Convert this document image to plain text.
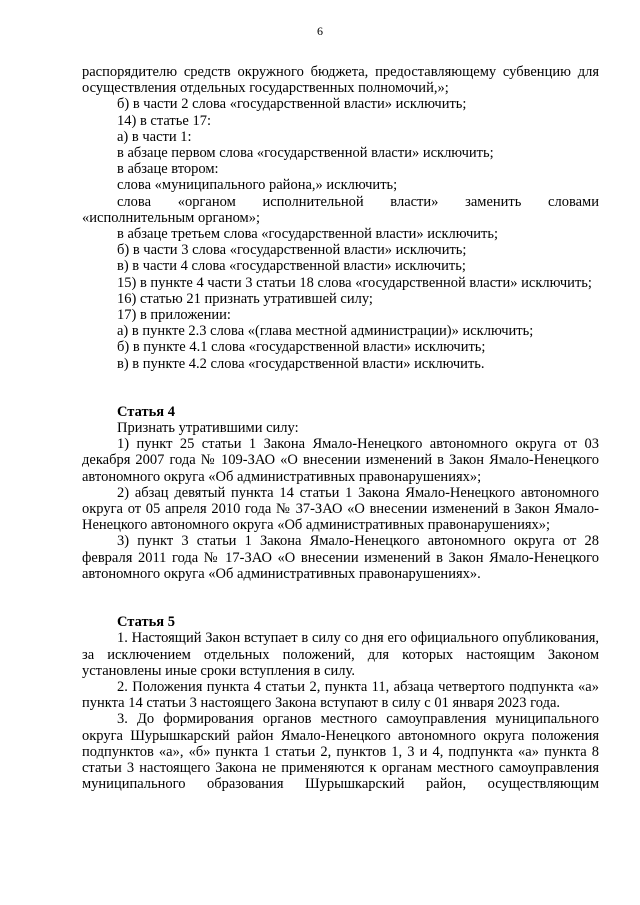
6

распорядителю средств окружного бюджета, предоставляющему субвенцию для осуществления отдельных государственных полномочий,»;

б) в части 2 слова «государственной власти» исключить;

14) в статье 17:

а) в части 1:

в абзаце первом слова «государственной власти» исключить;

в абзаце втором:

слова «муниципального района,» исключить;

слова «органом исполнительной власти» заменить словами «исполнительным органом»;

в абзаце третьем слова «государственной власти» исключить;

б) в части 3 слова «государственной власти» исключить;

в) в части 4 слова «государственной власти» исключить;

15) в пункте 4 части 3 статьи 18 слова «государственной власти» исключить;

16) статью 21 признать утратившей силу;

17) в приложении:

а) в пункте 2.3 слова «(глава местной администрации)» исключить;

б) в пункте 4.1 слова «государственной власти» исключить;

в) в пункте 4.2 слова «государственной власти» исключить.

Статья 4

Признать утратившими силу:

1) пункт 25 статьи 1 Закона Ямало-Ненецкого автономного округа от 03 декабря 2007 года № 109-ЗАО «О внесении изменений в Закон Ямало-Ненецкого автономного округа «Об административных правонарушениях»;

2) абзац девятый пункта 14 статьи 1 Закона Ямало-Ненецкого автономного округа от 05 апреля 2010 года № 37-ЗАО «О внесении изменений в Закон Ямало-Ненецкого автономного округа «Об административных правонарушениях»;

3) пункт 3 статьи 1 Закона Ямало-Ненецкого автономного округа от 28 февраля 2011 года № 17-ЗАО «О внесении изменений в Закон Ямало-Ненецкого автономного округа «Об административных правонарушениях».

Статья 5

1. Настоящий Закон вступает в силу со дня его официального опубликования, за исключением отдельных положений, для которых настоящим Законом установлены иные сроки вступления в силу.

2. Положения пункта 4 статьи 2, пункта 11, абзаца четвертого подпункта «а» пункта 14 статьи 3 настоящего Закона вступают в силу с 01 января 2023 года.

3. До формирования органов местного самоуправления муниципального округа Шурышкарский район Ямало-Ненецкого автономного округа положения подпунктов «а», «б» пункта 1 статьи 2, пунктов 1, 3 и 4, подпункта «а» пункта 8 статьи 3 настоящего Закона не применяются к органам местного самоуправления муниципального образования Шурышкарский район, осуществляющим
